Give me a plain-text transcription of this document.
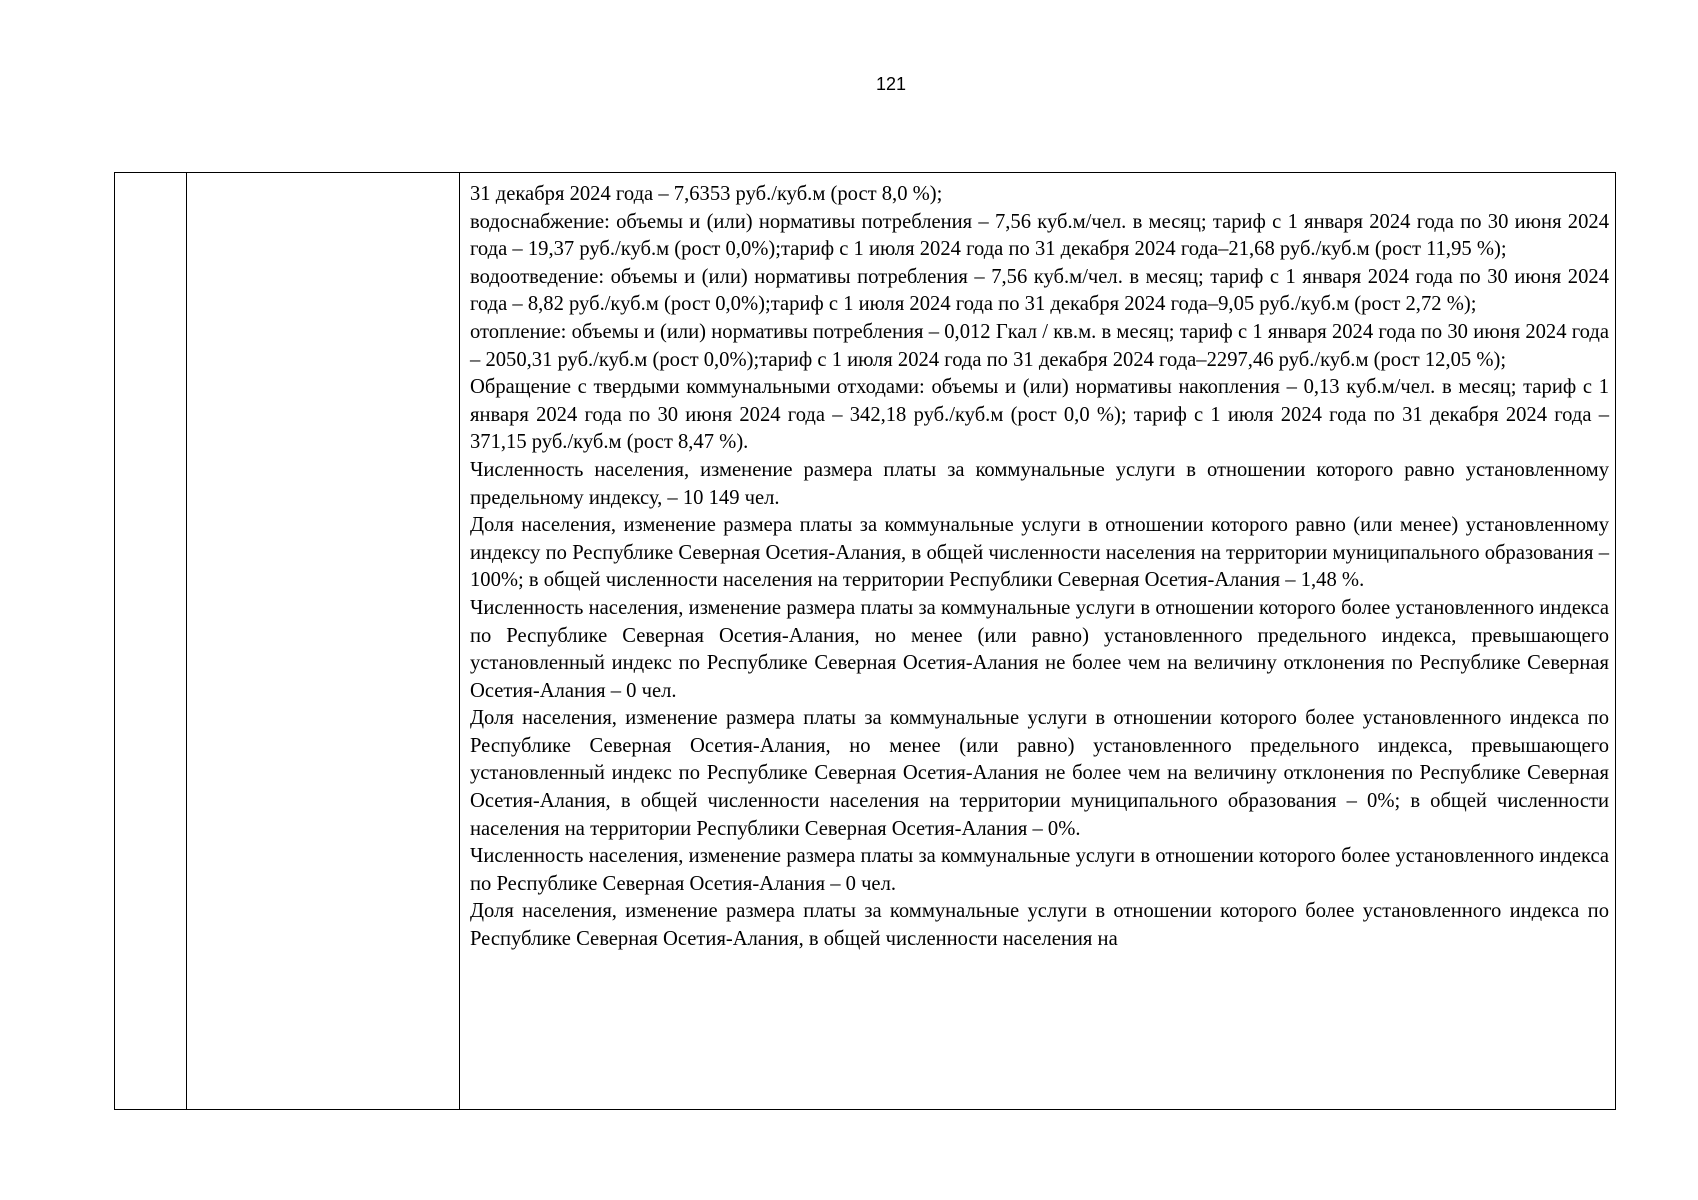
121

31 декабря 2024 года – 7,6353 руб./куб.м (рост 8,0 %);

водоснабжение: объемы и (или) нормативы потребления – 7,56 куб.м/чел. в месяц; тариф с 1 января 2024 года по 30 июня 2024 года – 19,37 руб./куб.м (рост 0,0%);тариф с 1 июля 2024 года по 31 декабря 2024 года–21,68 руб./куб.м (рост 11,95 %);

водоотведение: объемы и (или) нормативы потребления – 7,56 куб.м/чел. в месяц; тариф с 1 января 2024 года по 30 июня 2024 года – 8,82 руб./куб.м (рост 0,0%);тариф с 1 июля 2024 года по 31 декабря 2024 года–9,05 руб./куб.м (рост 2,72 %);

отопление: объемы и (или) нормативы потребления – 0,012 Гкал / кв.м. в месяц; тариф с 1 января 2024 года по 30 июня 2024 года – 2050,31 руб./куб.м (рост 0,0%);тариф с 1 июля 2024 года по 31 декабря 2024 года–2297,46 руб./куб.м (рост 12,05 %);

Обращение с твердыми коммунальными отходами: объемы и (или) нормативы накопления – 0,13 куб.м/чел. в месяц; тариф с 1 января 2024 года по 30 июня 2024 года – 342,18 руб./куб.м (рост 0,0 %); тариф с 1 июля 2024 года по 31 декабря 2024 года –371,15 руб./куб.м (рост 8,47 %).

Численность населения, изменение размера платы за коммунальные услуги в отношении которого равно установленному предельному индексу, – 10 149 чел.

Доля населения, изменение размера платы за коммунальные услуги в отношении которого равно (или менее) установленному индексу по Республике Северная Осетия-Алания, в общей численности населения на территории муниципального образования – 100%; в общей численности населения на территории Республики Северная Осетия-Алания – 1,48 %.

Численность населения, изменение размера платы за коммунальные услуги в отношении которого более установленного индекса по Республике Северная Осетия-Алания, но менее (или равно) установленного предельного индекса, превышающего установленный индекс по Республике Северная Осетия-Алания не более чем на величину отклонения по Республике Северная Осетия-Алания – 0 чел.

Доля населения, изменение размера платы за коммунальные услуги в отношении которого более установленного индекса по Республике Северная Осетия-Алания, но менее (или равно) установленного предельного индекса, превышающего установленный индекс по Республике Северная Осетия-Алания не более чем на величину отклонения по Республике Северная Осетия-Алания, в общей численности населения на территории муниципального образования – 0%; в общей численности населения на территории Республики Северная Осетия-Алания – 0%.

Численность населения, изменение размера платы за коммунальные услуги в отношении которого более установленного индекса по Республике Северная Осетия-Алания – 0 чел.

Доля населения, изменение размера платы за коммунальные услуги в отношении которого более установленного индекса по Республике Северная Осетия-Алания, в общей численности населения на
